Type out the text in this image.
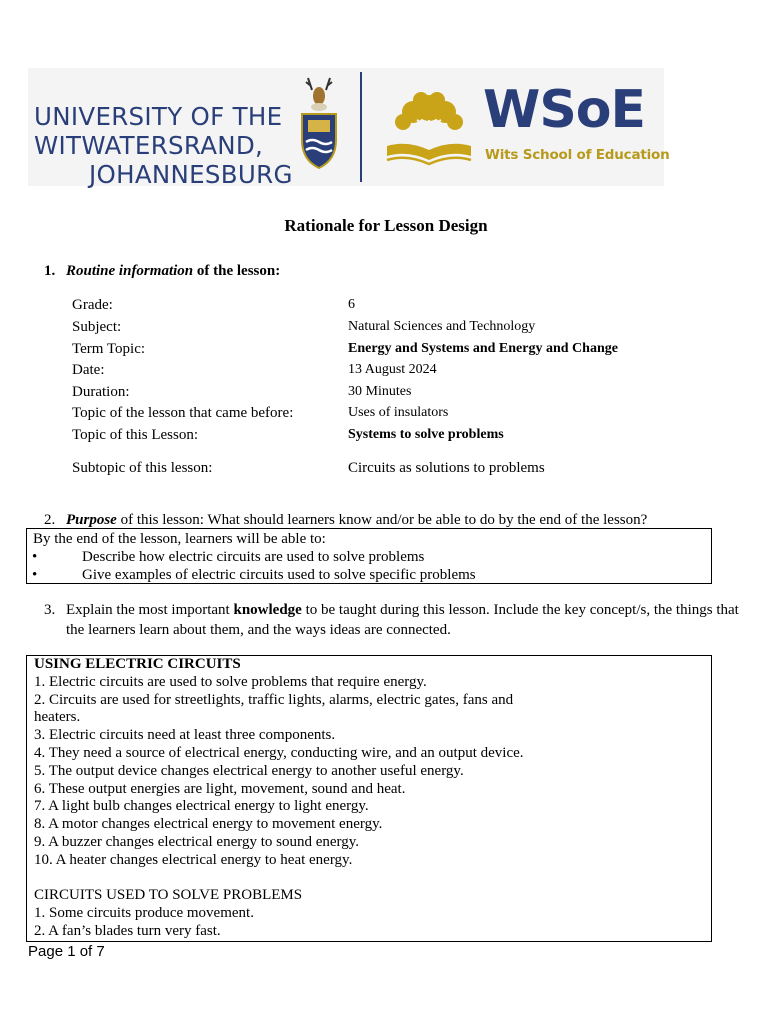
UNIVERSITY OF THE
WITWATERSRAND,
JOHANNESBURG
WSoE
Wits School of Education
Rationale for Lesson Design
1. Routine information of the lesson:
Grade:	6
Subject:	Natural Sciences and Technology
Term Topic:	Energy and Systems and Energy and Change
Date:	13 August 2024
Duration:	30 Minutes
Topic of the lesson that came before:	Uses of insulators
Topic of this Lesson:	Systems to solve problems
Subtopic of this lesson:	Circuits as solutions to problems
2. Purpose of this lesson: What should learners know and/or be able to do by the end of the lesson?
By the end of the lesson, learners will be able to:
•	Describe how electric circuits are used to solve problems
•	Give examples of electric circuits used to solve specific problems
3. Explain the most important knowledge to be taught during this lesson. Include the key concept/s, the things that
the learners learn about them, and the ways ideas are connected.
USING ELECTRIC CIRCUITS
1. Electric circuits are used to solve problems that require energy.
2. Circuits are used for streetlights, traffic lights, alarms, electric gates, fans and
heaters.
3. Electric circuits need at least three components.
4. They need a source of electrical energy, conducting wire, and an output device.
5. The output device changes electrical energy to another useful energy.
6. These output energies are light, movement, sound and heat.
7. A light bulb changes electrical energy to light energy.
8. A motor changes electrical energy to movement energy.
9. A buzzer changes electrical energy to sound energy.
10. A heater changes electrical energy to heat energy.
CIRCUITS USED TO SOLVE PROBLEMS
1. Some circuits produce movement.
2. A fan’s blades turn very fast.
Page 1 of 7
